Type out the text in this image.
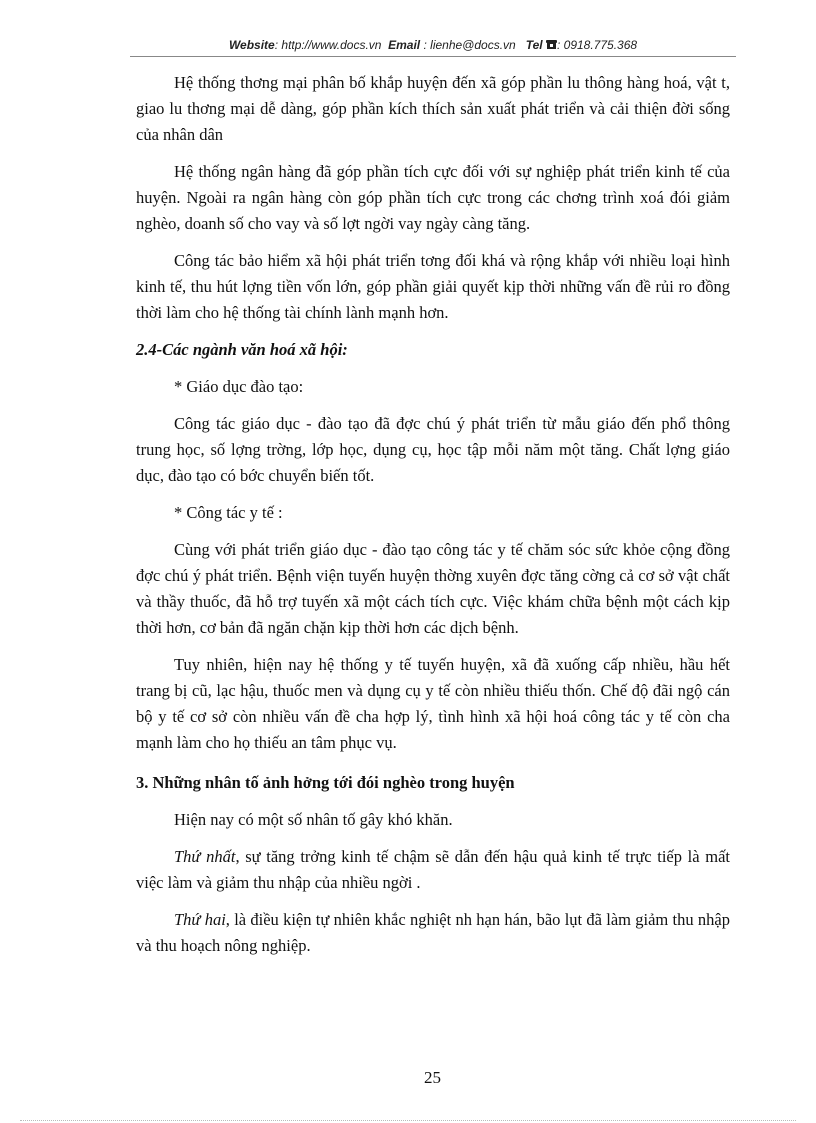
Website: http://www.docs.vn Email : lienhe@docs.vn Tel : 0918.775.368

Hệ thống thơng mại phân bố khắp huyện đến xã góp phần lu thông hàng hoá, vật t, giao lu thơng mại dễ dàng, góp phần kích thích sản xuất phát triển và cải thiện đời sống của nhân dân

Hệ thống ngân hàng đã góp phần tích cực đối với sự nghiệp phát triển kinh tế của huyện. Ngoài ra ngân hàng còn góp phần tích cực trong các chơng trình xoá đói giảm nghèo, doanh số cho vay và số lợt ngời vay ngày càng tăng.

Công tác bảo hiểm xã hội phát triển tơng đối khá và rộng khắp với nhiều loại hình kinh tế, thu hút lợng tiền vốn lớn, góp phần giải quyết kịp thời những vấn đề rủi ro đồng thời làm cho hệ thống tài chính lành mạnh hơn.

2.4-Các ngành văn hoá xã hội:

* Giáo dục đào tạo:

Công tác giáo dục - đào tạo đã đợc chú ý phát triển từ mẫu giáo đến phổ thông trung học, số lợng trờng, lớp học, dụng cụ, học tập mỗi năm một tăng. Chất lợng giáo dục, đào tạo có bớc chuyển biến tốt.

* Công tác y tế :

Cùng với phát triển giáo dục - đào tạo công tác y tế chăm sóc sức khỏe cộng đồng đợc chú ý phát triển. Bệnh viện tuyến huyện thờng xuyên đợc tăng cờng cả cơ sở vật chất và thầy thuốc, đã hỗ trợ tuyến xã một cách tích cực. Việc khám chữa bệnh một cách kịp thời hơn, cơ bản đã ngăn chặn kịp thời hơn các dịch bệnh.

Tuy nhiên, hiện nay hệ thống y tế tuyến huyện, xã đã xuống cấp nhiều, hầu hết trang bị cũ, lạc hậu, thuốc men và dụng cụ y tế còn nhiều thiếu thốn. Chế độ đãi ngộ cán bộ y tế cơ sở còn nhiều vấn đề cha hợp lý, tình hình xã hội hoá công tác y tế còn cha mạnh làm cho họ thiếu an tâm phục vụ.

3. Những nhân tố ảnh hởng tới đói nghèo trong huyện

Hiện nay có một số nhân tố gây khó khăn.

Thứ nhất, sự tăng trởng kinh tế chậm sẽ dẫn đến hậu quả kinh tế trực tiếp là mất việc làm và giảm thu nhập của nhiều ngời .

Thứ hai, là điều kiện tự nhiên khắc nghiệt nh hạn hán, bão lụt đã làm giảm thu nhập và thu hoạch nông nghiệp.

25
